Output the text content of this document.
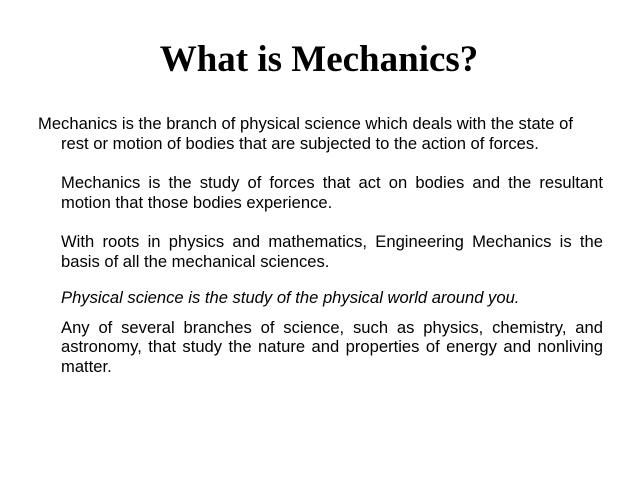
What is Mechanics?

Mechanics is the branch of physical science which deals with the state of rest or motion of bodies that are subjected to the action of forces.

Mechanics is the study of forces that act on bodies and the resultant motion that those bodies experience.

With roots in physics and mathematics, Engineering Mechanics is the basis of all the mechanical sciences.

Physical science is the study of the physical world around you.

Any of several branches of science, such as physics, chemistry, and astronomy, that study the nature and properties of energy and nonliving matter.
